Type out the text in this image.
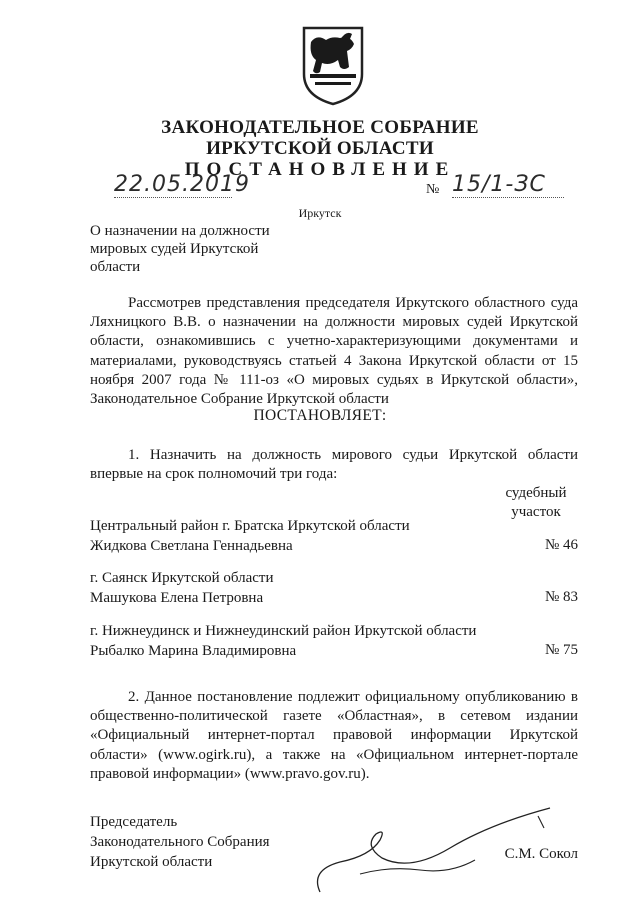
ЗАКОНОДАТЕЛЬНОЕ СОБРАНИЕ
ИРКУТСКОЙ ОБЛАСТИ
ПОСТАНОВЛЕНИЕ
22.05.2019	№ 15/1-ЗС
Иркутск
О назначении на должности
мировых судей Иркутской
области
Рассмотрев представления председателя Иркутского областного суда Ляхницкого В.В. о назначении на должности мировых судей Иркутской области, ознакомившись с учетно-характеризующими документами и материалами, руководствуясь статьей 4 Закона Иркутской области от 15 ноября 2007 года № 111-оз «О мировых судьях в Иркутской области», Законодательное Собрание Иркутской области
ПОСТАНОВЛЯЕТ:
1. Назначить на должность мирового судьи Иркутской области впервые на срок полномочий три года:
судебный
участок
Центральный район г. Братска Иркутской области
Жидкова Светлана Геннадьевна	№ 46
г. Саянск Иркутской области
Машукова Елена Петровна	№ 83
г. Нижнеудинск и Нижнеудинский район Иркутской области
Рыбалко Марина Владимировна	№ 75
2. Данное постановление подлежит официальному опубликованию в общественно-политической газете «Областная», в сетевом издании «Официальный интернет-портал правовой информации Иркутской области» (www.ogirk.ru), а также на «Официальном интернет-портале правовой информации» (www.pravo.gov.ru).
Председатель
Законодательного Собрания
Иркутской области	С.М. Сокол
